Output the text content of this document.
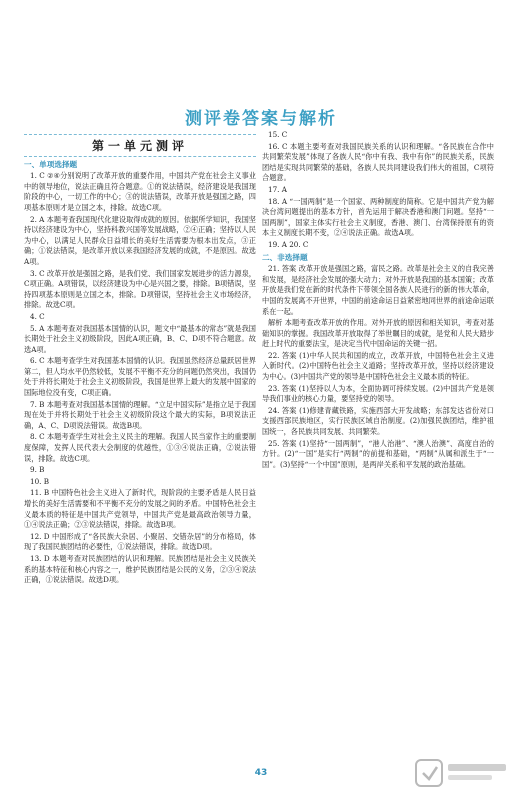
测评卷答案与解析
第一单元测评
一、单项选择题

1. C ②④分别说明了改革开放的重要作用，中国共产党在社会主义事业中的领导地位，说法正确且符合题意。①的说法错误，经济建设是我国现阶段的中心，一切工作的中心；③的说法错误，改革开放是强国之路，四项基本原则才是立国之本，排除。故选C项。

2. A 本题考查我国现代化建设取得成就的原因。依据所学知识，我国坚持以经济建设为中心，坚持科教兴国等发展战略，②④正确；坚持以人民为中心，以满足人民群众日益增长的美好生活需要为根本出发点，③正确；①说法错误，是改革开放以来我国经济发展的成就，不是原因。故选A项。

3. C 改革开放是强国之路，是我们党、我们国家发展进步的活力源泉，C项正确。A项错误，以经济建设为中心是兴国之要，排除。B项错误，坚持四项基本原则是立国之本，排除。D项错误，坚持社会主义市场经济，排除。故选C项。

4. C

5. A 本题考查对我国基本国情的认识，题文中“最基本的常态”就是我国长期处于社会主义初级阶段，因此A项正确，B、C、D项不符合题意。故选A项。

6. C 本题考查学生对我国基本国情的认识。我国虽然经济总量跃居世界第二，但人均水平仍然较低，发展不平衡不充分的问题仍然突出，我国仍处于并将长期处于社会主义初级阶段，我国是世界上最大的发展中国家的国际地位没有变，C项正确。

7. B 本题考查对我国基本国情的理解。“立足中国实际”是指立足于我国现在处于并将长期处于社会主义初级阶段这个最大的实际，B项说法正确，A、C、D项说法错误。故选B项。

8. C 本题考查学生对社会主义民主的理解。我国人民当家作主的重要制度保障，发挥人民代表大会制度的优越性，①③④说法正确，②说法错误，排除。故选C项。

9. B

10. B

11. B 中国特色社会主义进入了新时代，现阶段的主要矛盾是人民日益增长的美好生活需要和不平衡不充分的发展之间的矛盾。中国特色社会主义最本质的特征是中国共产党领导，中国共产党是最高政治领导力量，①④说法正确；②③说法错误，排除。故选B项。

12. D 中国形成了“各民族大杂居、小聚居、交错杂居”的分布格局，体现了我国民族团结的必要性，①说法错误，排除。故选D项。

13. D 本题考查对民族团结的认识和理解。民族团结是社会主义民族关系的基本特征和核心内容之一，维护民族团结是公民的义务，②③④说法正确，①说法错误。故选D项。

15. C

16. C 本题主要考查对我国民族关系的认识和理解。“各民族在合作中共同繁荣发展”体现了各族人民“你中有我、我中有你”的民族关系，民族团结是实现共同繁荣的基础，各族人民共同建设我们伟大的祖国，C项符合题意。

17. A

18. A “一国两制”是一个国家、两种制度的简称。它是中国共产党为解决台湾问题提出的基本方针，首先运用于解决香港和澳门问题。坚持“一国两制”，国家主体实行社会主义制度，香港、澳门、台湾保持原有的资本主义制度长期不变，②④说法正确。故选A项。

19. A 20. C

二、非选择题

21. 答案 改革开放是强国之路，富民之路。改革是社会主义的自我完善和发展，是经济社会发展的强大动力；对外开放是我国的基本国策；改革开放是我们党在新的时代条件下带领全国各族人民进行的新的伟大革命，中国的发展离不开世界，中国的前途命运日益紧密地同世界的前途命运联系在一起。

解析 本题考查改革开放的作用。对外开放的原因和相关知识，考查对基础知识的掌握。我国改革开放取得了举世瞩目的成就，是党和人民大踏步赶上时代的重要法宝，是决定当代中国命运的关键一招。

22. 答案 (1)中华人民共和国的成立，改革开放，中国特色社会主义进入新时代。(2)中国特色社会主义道路；坚持改革开放，坚持以经济建设为中心。(3)中国共产党的领导是中国特色社会主义最本质的特征。

23. 答案 (1)坚持以人为本，全面协调可持续发展。(2)中国共产党是领导我们事业的核心力量，要坚持党的领导。

24. 答案 (1)修建青藏铁路，实施西部大开发战略；东部发达省份对口支援西部民族地区，实行民族区域自治制度。(2)加强民族团结，维护祖国统一，各民族共同发展、共同繁荣。

25. 答案 (1)坚持“一国两制”，“港人治港”、“澳人治澳”、高度自治的方针。(2)“一国”是实行“两制”的前提和基础，“两制”从属和派生于“一国”。(3)坚持“一个中国”原则，是两岸关系和平发展的政治基础。

43
